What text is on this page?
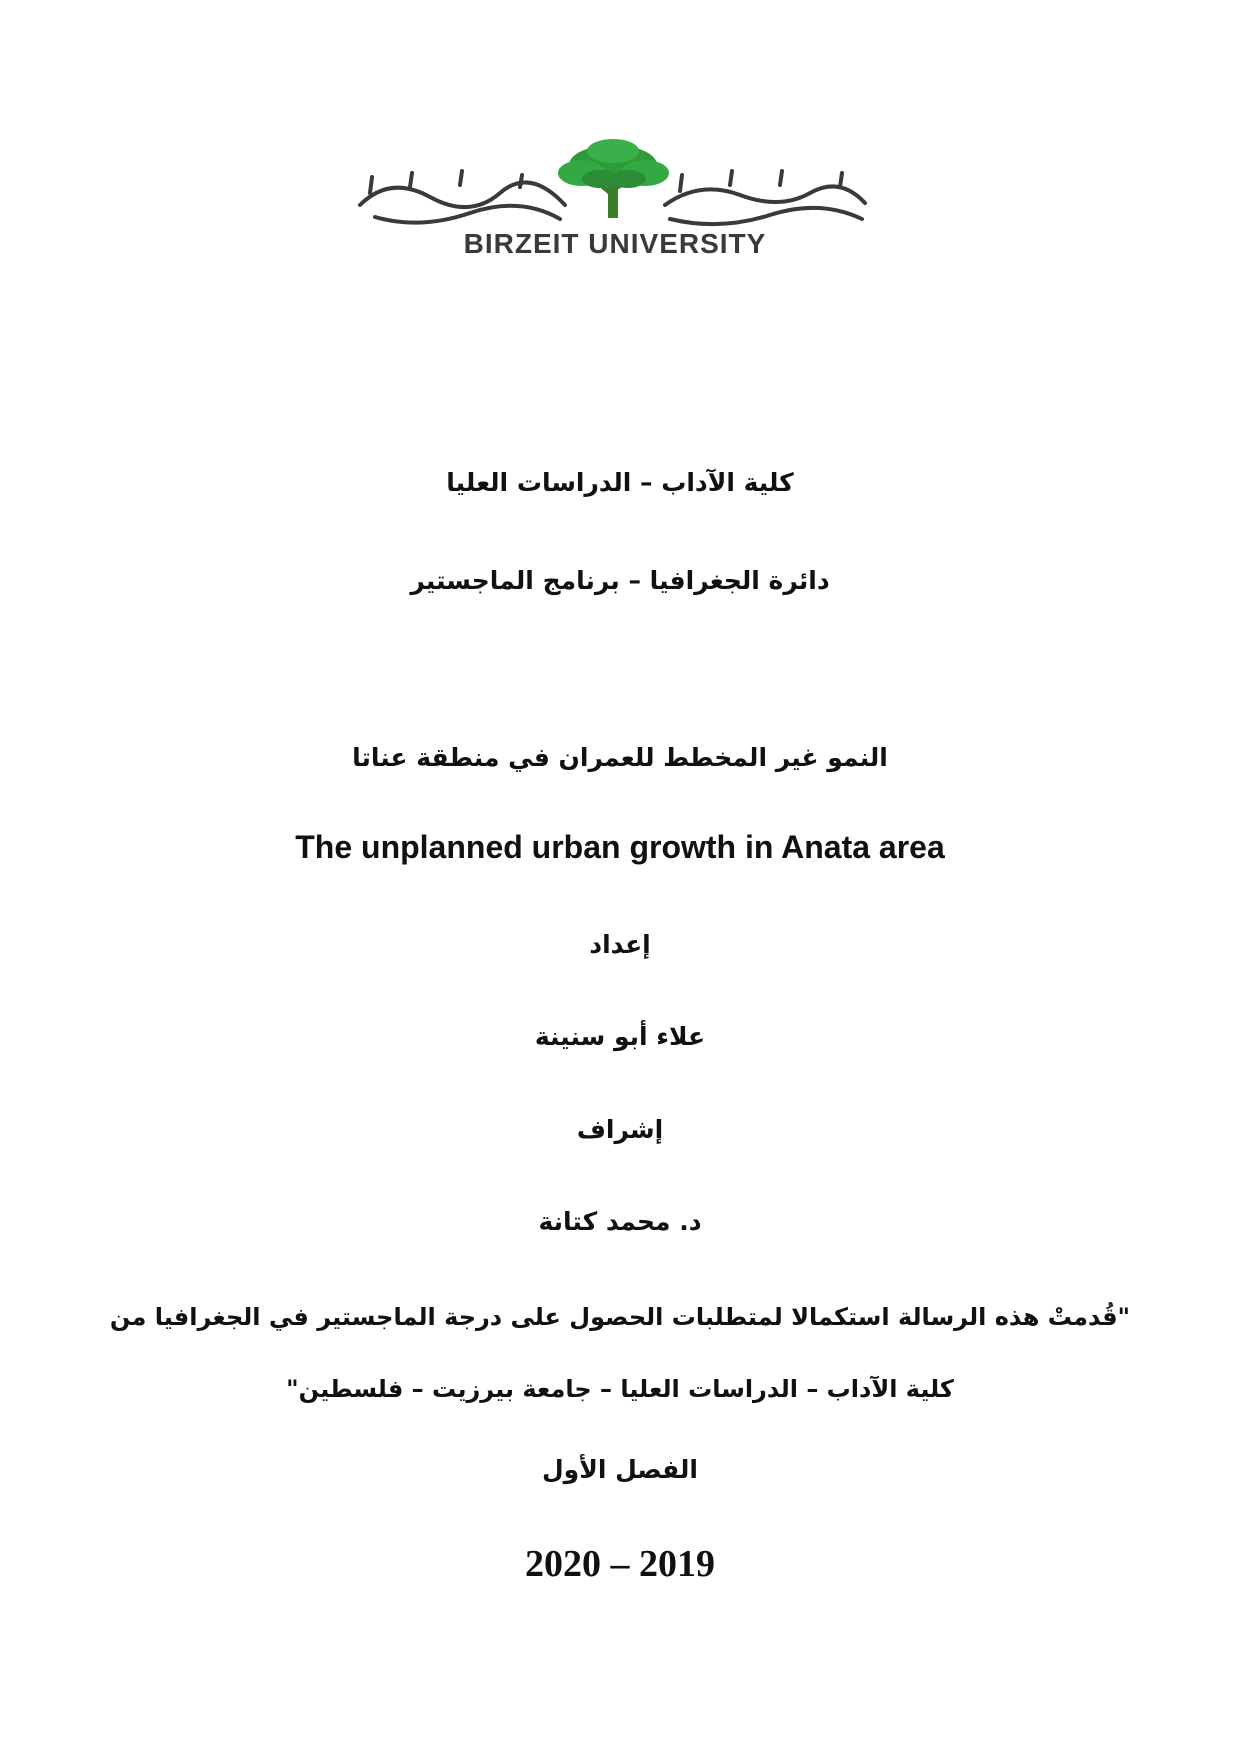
BIRZEIT UNIVERSITY
كلية الآداب – الدراسات العليا
دائرة الجغرافيا – برنامج الماجستير
النمو غير المخطط للعمران في منطقة عناتا
The unplanned urban growth in Anata area
إعداد
علاء أبو سنينة
إشراف
د. محمد كتانة
"قُدمتْ هذه الرسالة استكمالا لمتطلبات الحصول على درجة الماجستير في الجغرافيا من
كلية الآداب – الدراسات العليا – جامعة بيرزيت – فلسطين"
الفصل الأول
2020 – 2019
